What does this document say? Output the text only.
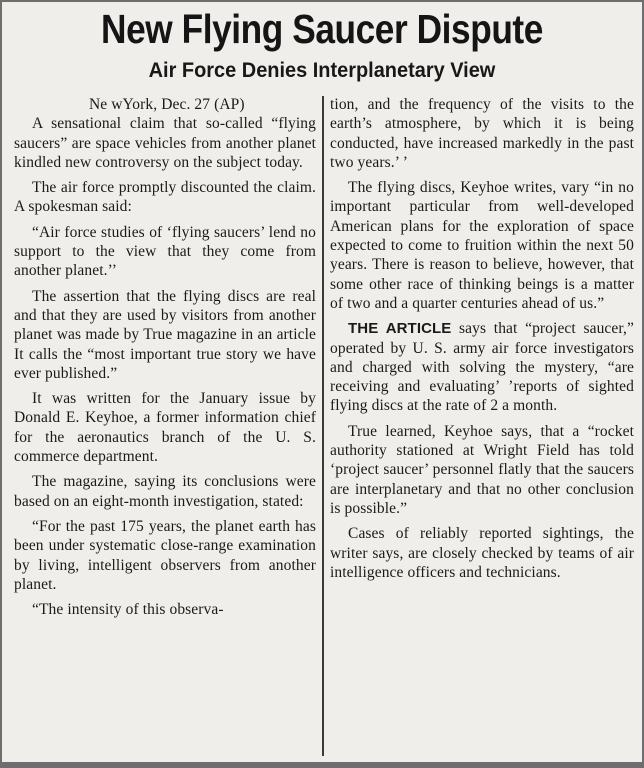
New Flying Saucer Dispute
Air Force Denies Interplanetary View
Ne wYork, Dec. 27 (AP)

A sensational claim that so-called “flying saucers” are space vehicles from another planet kindled new controversy on the subject today.

The air force promptly discounted the claim. A spokesman said:

“Air force studies of ‘flying saucers’ lend no support to the view that they come from another planet.’’

The assertion that the flying discs are real and that they are used by visitors from another planet was made by True magazine in an article It calls the “most important true story we have ever published.”

It was written for the January issue by Donald E. Keyhoe, a former information chief for the aeronautics branch of the U. S. commerce department.

The magazine, saying its conclusions were based on an eight-month investigation, stated:

“For the past 175 years, the planet earth has been under systematic close-range examination by living, intelligent observers from another planet.

“The intensity of this observa-

tion, and the frequency of the visits to the earth’s atmosphere, by which it is being conducted, have increased markedly in the past two years.’ ’

The flying discs, Keyhoe writes, vary “in no important particular from well-developed American plans for the exploration of space expected to come to fruition within the next 50 years. There is reason to believe, however, that some other race of thinking beings is a matter of two and a quarter centuries ahead of us.”

THE ARTICLE says that “project saucer,” operated by U. S. army air force investigators and charged with solving the mystery, “are receiving and evaluating’ ’reports of sighted flying discs at the rate of 2 a month.

True learned, Keyhoe says, that a “rocket authority stationed at Wright Field has told ‘project saucer’ personnel flatly that the saucers are interplanetary and that no other conclusion is possible.”

Cases of reliably reported sightings, the writer says, are closely checked by teams of air intelligence officers and technicians.
